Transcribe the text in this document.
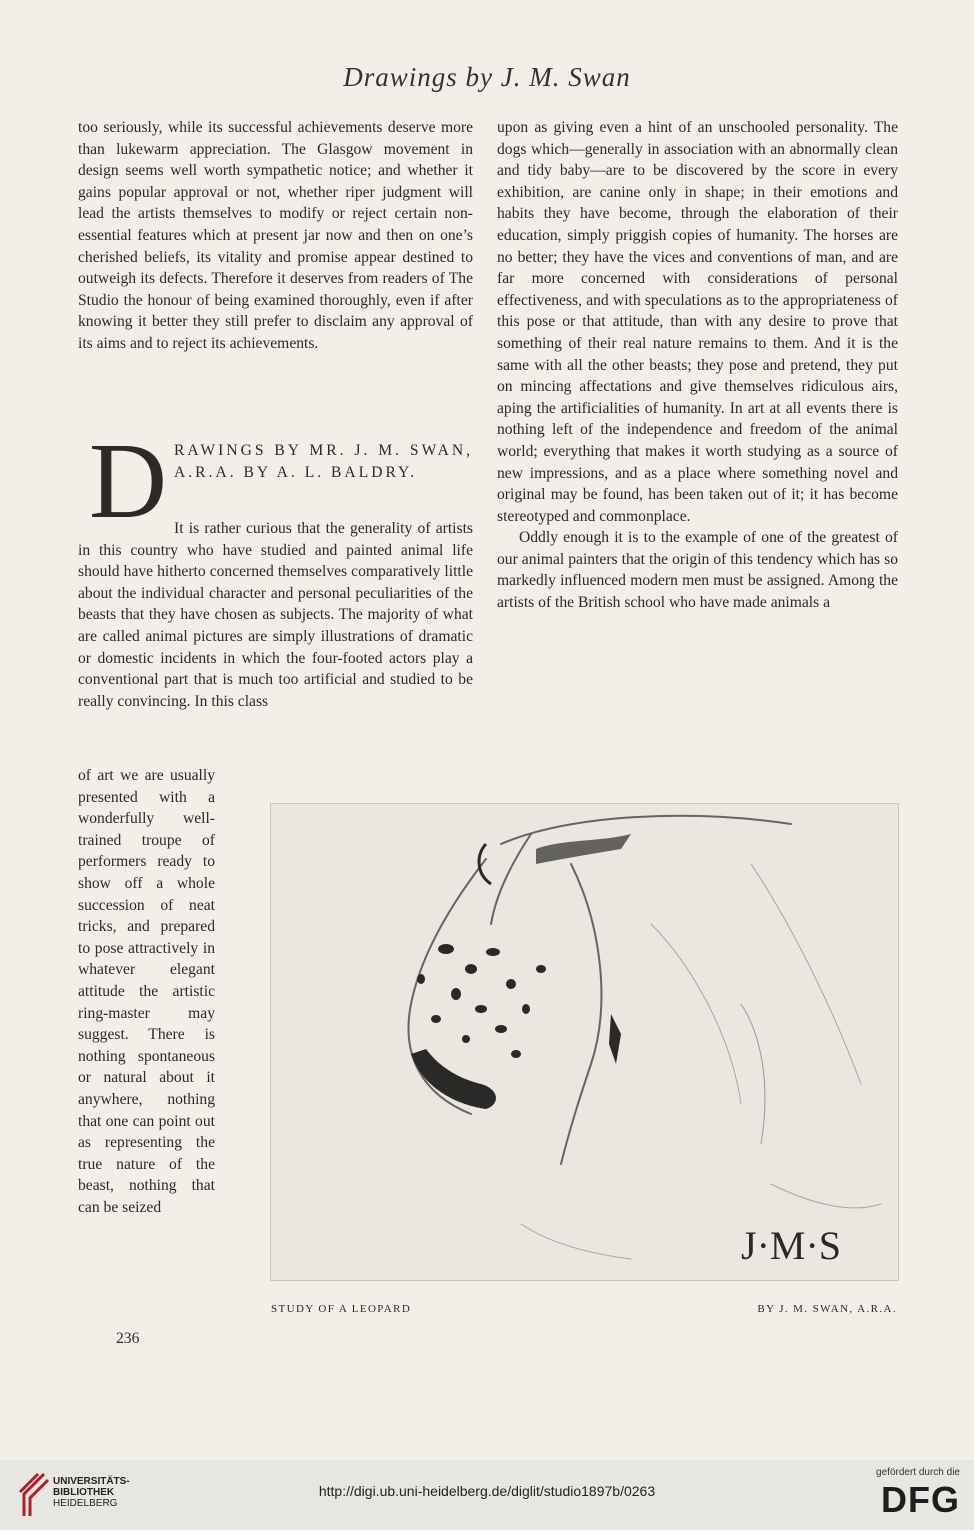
Drawings by J. M. Swan

too seriously, while its successful achievements deserve more than lukewarm appreciation. The Glasgow movement in design seems well worth sympathetic notice; and whether it gains popular approval or not, whether riper judgment will lead the artists themselves to modify or reject certain non-essential features which at present jar now and then on one’s cherished beliefs, its vitality and promise appear destined to outweigh its defects. Therefore it deserves from readers of The Studio the honour of being examined thoroughly, even if after knowing it better they still prefer to disclaim any approval of its aims and to reject its achievements.

D RAWINGS BY MR. J. M. SWAN, A.R.A. BY A. L. BALDRY.

It is rather curious that the generality of artists in this country who have studied and painted animal life should have hitherto concerned themselves comparatively little about the individual character and personal peculiarities of the beasts that they have chosen as subjects. The majority of what are called animal pictures are simply illustrations of dramatic or domestic incidents in which the four-footed actors play a conventional part that is much too artificial and studied to be really convincing. In this class

of art we are usually presented with a wonderfully well-trained troupe of performers ready to show off a whole succession of neat tricks, and prepared to pose attractively in whatever elegant attitude the artistic ring-master may suggest. There is nothing spontaneous or natural about it anywhere, nothing that one can point out as representing the true nature of the beast, nothing that can be seized

upon as giving even a hint of an unschooled personality. The dogs which—generally in association with an abnormally clean and tidy baby—are to be discovered by the score in every exhibition, are canine only in shape; in their emotions and habits they have become, through the elaboration of their education, simply priggish copies of humanity. The horses are no better; they have the vices and conventions of man, and are far more concerned with considerations of personal effectiveness, and with speculations as to the appropriateness of this pose or that attitude, than with any desire to prove that something of their real nature remains to them. And it is the same with all the other beasts; they pose and pretend, they put on mincing affectations and give themselves ridiculous airs, aping the artificialities of humanity. In art at all events there is nothing left of the independence and freedom of the animal world; everything that makes it worth studying as a source of new impressions, and as a place where something novel and original may be found, has been taken out of it; it has become stereotyped and commonplace.

Oddly enough it is to the example of one of the greatest of our animal painters that the origin of this tendency which has so markedly influenced modern men must be assigned. Among the artists of the British school who have made animals a

J·M·S
STUDY OF A LEOPARD	BY J. M. SWAN, A.R.A.
236
UNIVERSITÄTS-
BIBLIOTHEK
HEIDELBERG
http://digi.ub.uni-heidelberg.de/diglit/studio1897b/0263
gefördert durch die
DFG
